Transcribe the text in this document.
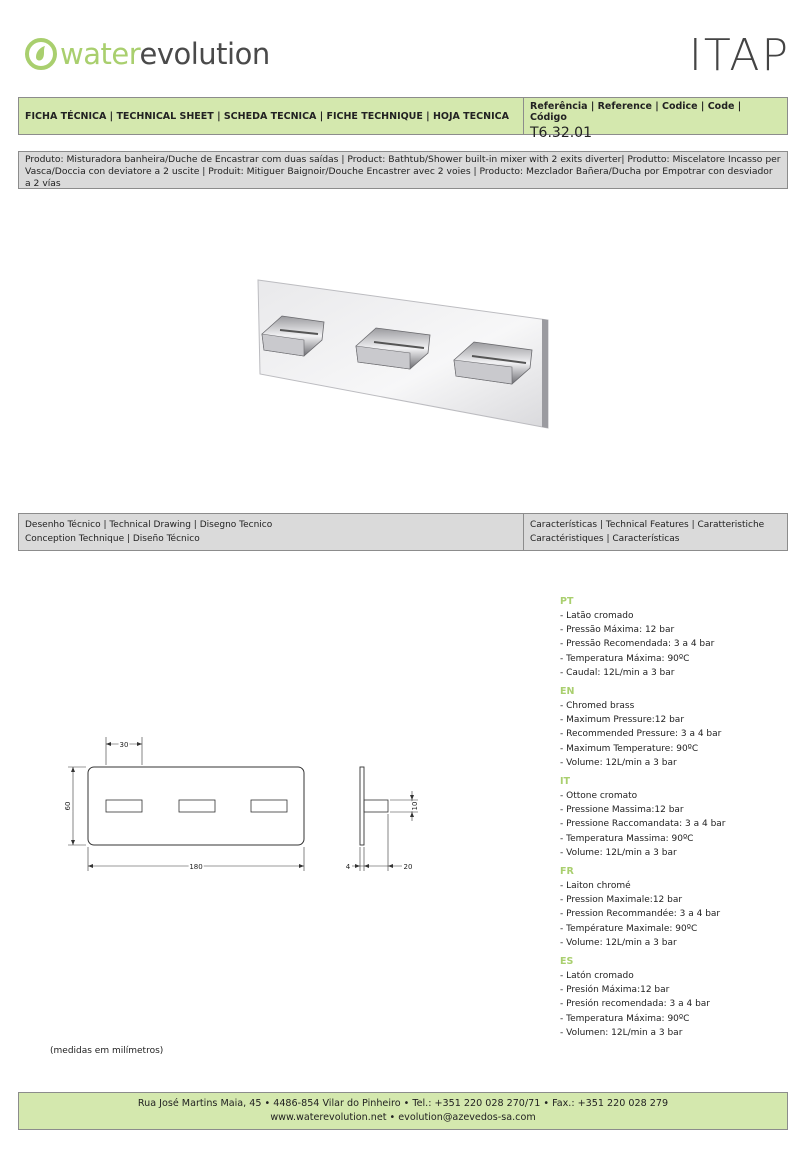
waterevolution	ITAP
FICHA TÉCNICA | TECHNICAL SHEET | SCHEDA TECNICA | FICHE TECHNIQUE | HOJA TECNICA
Referência | Reference | Codice | Code | Código
T6.32.01
Produto: Misturadora banheira/Duche de Encastrar com duas saídas | Product: Bathtub/Shower built-in mixer with 2 exits diverter| Produtto: Miscelatore Incasso per Vasca/Doccia con deviatore a 2 uscite | Produit: Mitiguer Baignoir/Douche Encastrer avec 2 voies | Producto: Mezclador Bañera/Ducha por Empotrar con desviador a 2 vías
Desenho Técnico | Technical Drawing | Disegno Tecnico
Conception Technique | Diseño Técnico
Características | Technical Features | Caratteristiche
Caractéristiques | Características
30
60
180
10
4	20
(medidas em milímetros)
PT
- Latão cromado
- Pressão Máxima: 12 bar
- Pressão Recomendada: 3 a 4 bar
- Temperatura Máxima: 90ºC
- Caudal: 12L/min a 3 bar
EN
- Chromed brass
- Maximum Pressure:12 bar
- Recommended Pressure: 3 a 4 bar
- Maximum Temperature: 90ºC
- Volume: 12L/min a 3 bar
IT
- Ottone cromato
- Pressione Massima:12 bar
- Pressione Raccomandata: 3 a 4 bar
- Temperatura Massima: 90ºC
- Volume: 12L/min a 3 bar
FR
- Laiton chromé
- Pression Maximale:12 bar
- Pression Recommandée: 3 a 4 bar
- Température Maximale: 90ºC
- Volume: 12L/min a 3 bar
ES
- Latón cromado
- Presión Máxima:12 bar
- Presión recomendada: 3 a 4 bar
- Temperatura Máxima: 90ºC
- Volumen: 12L/min a 3 bar
Rua José Martins Maia, 45 • 4486-854 Vilar do Pinheiro • Tel.: +351 220 028 270/71 • Fax.: +351 220 028 279
www.waterevolution.net • evolution@azevedos-sa.com
